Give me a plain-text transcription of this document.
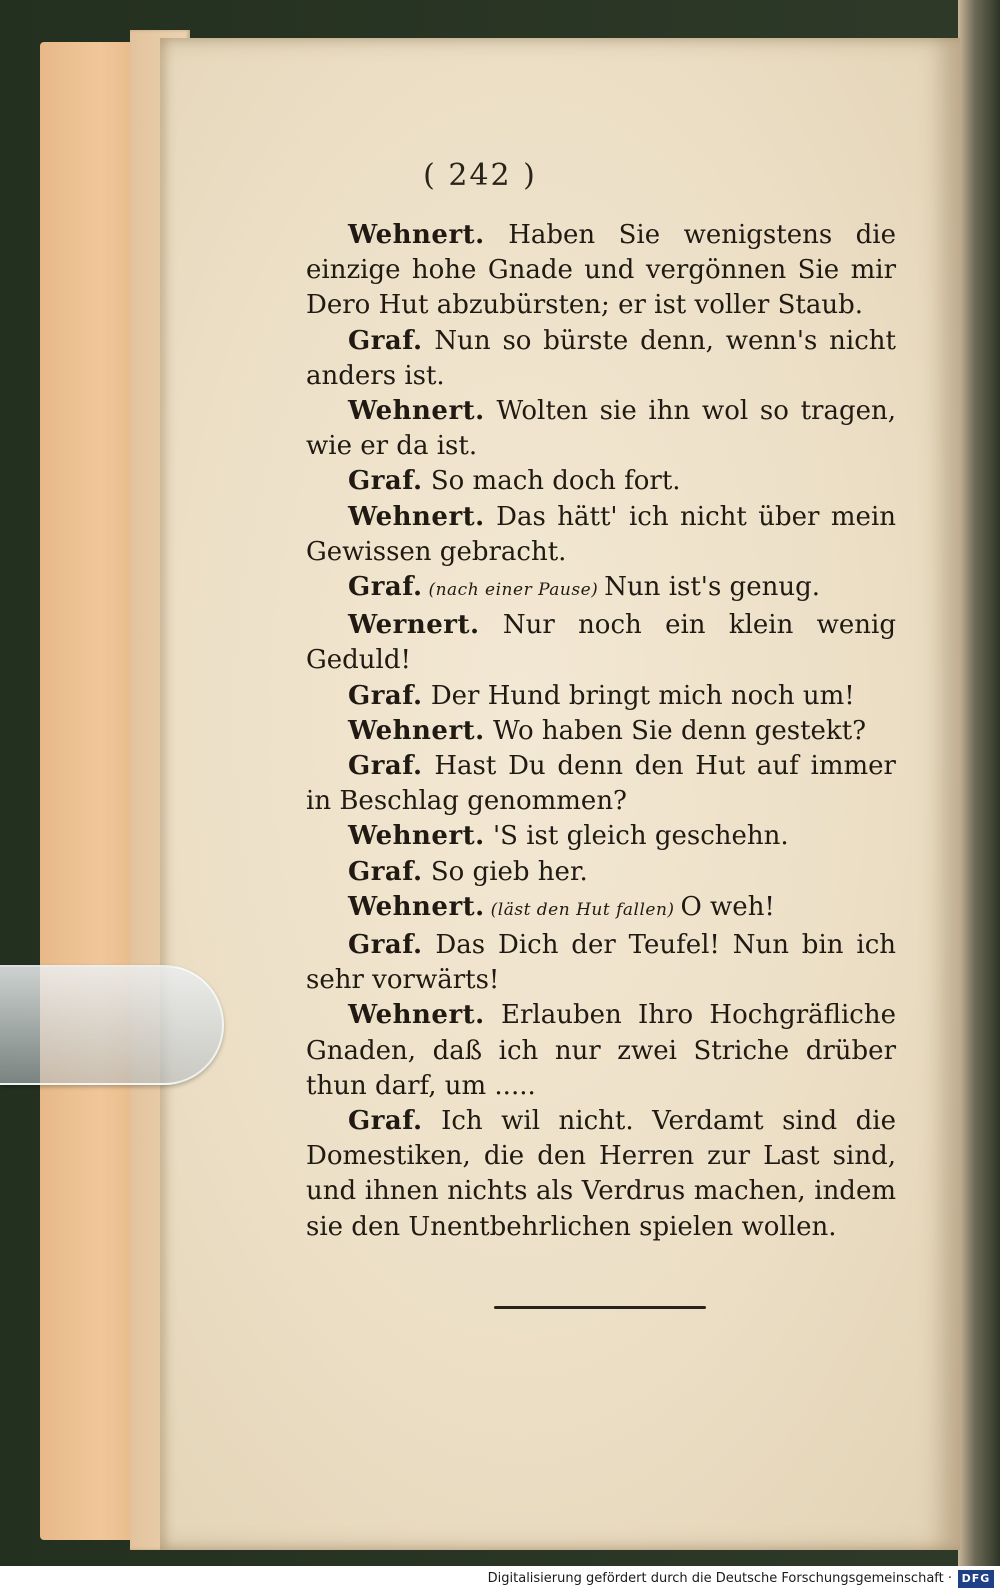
( 242 )

Wehnert. Haben Sie wenigstens die einzige hohe Gnade und vergönnen Sie mir Dero Hut abzubürsten; er ist voller Staub.

Graf. Nun so bürste denn, wenn's nicht anders ist.

Wehnert. Wolten sie ihn wol so tragen, wie er da ist.

Graf. So mach doch fort.

Wehnert. Das hätt' ich nicht über mein Gewissen gebracht.

Graf. (nach einer Pause) Nun ist's genug.

Wernert. Nur noch ein klein wenig Geduld!

Graf. Der Hund bringt mich noch um!

Wehnert. Wo haben Sie denn gestekt?

Graf. Hast Du denn den Hut auf immer in Beschlag genommen?

Wehnert. 'S ist gleich geschehn.

Graf. So gieb her.

Wehnert. (läst den Hut fallen) O weh!

Graf. Das Dich der Teufel! Nun bin ich sehr vorwärts!

Wehnert. Erlauben Ihro Hochgräfliche Gnaden, daß ich nur zwei Striche drüber thun darf, um .....

Graf. Ich wil nicht. Verdamt sind die Domestiken, die den Herren zur Last sind, und ihnen nichts als Verdrus machen, indem sie den Unentbehrlichen spielen wollen.

Digitalisierung gefördert durch die Deutsche Forschungsgemeinschaft · DFG
